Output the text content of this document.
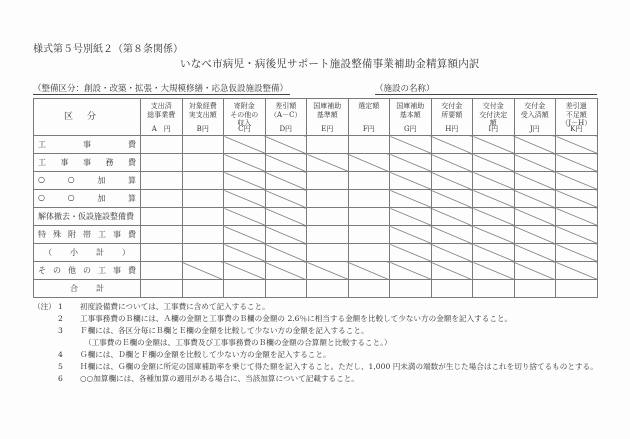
様式第５号別紙２（第８条関係）
いなべ市病児・病後児サポート施設整備事業補助金精算額内訳
（整備区分：創設・改築・拡張・大規模修繕・応急仮設施設整備）	（施設の名称）
区分	支出済
総事業費
A　円	対象経費
実支出額
B円	寄附金
その他の
収入
C円	差引額
（A－C）
D円	国庫補助
基準額
E円	選定額
F円	国庫補助
基本額
G円	交付金
所要額
H円	交付金
交付決定
額
I円	交付金
受入済額
J円	差引過
不足額
（J－H）
K円

工 事 費											

工 事 事 務 費											

○ ○ 加 算											

○ ○ 加 算											

解体撤去・仮設施設整備費											

特 殊 附 帯 工 事 費

（ 小 計 ）											

そ の 他 の 工 事 費

合 計											

（注） 1	初度設備費については、工事費に含めて記入すること。
2	工事事務費のＢ欄には、Ａ欄の金額と工事費のＢ欄の金額の 2.6％に相当する金額を比較して少ない方の金額を記入すること。
3	Ｆ欄には、各区分毎にＢ欄とＥ欄の金額を比較して少ない方の金額を記入すること。
（工事費のＥ欄の金額は、工事費及び工事事務費のＢ欄の金額の合算額と比較すること。）
4	Ｇ欄には、Ｄ欄とＦ欄の金額を比較して少ない方の金額を記入すること。
5	Ｈ欄には、Ｇ欄の金額に所定の国庫補助率を乗じて得た額を記入すること。ただし、1,000 円未満の端数が生じた場合はこれを切り捨てるものとする。
6	○○加算欄には、各種加算の適用がある場合に、当該加算について記載すること。
